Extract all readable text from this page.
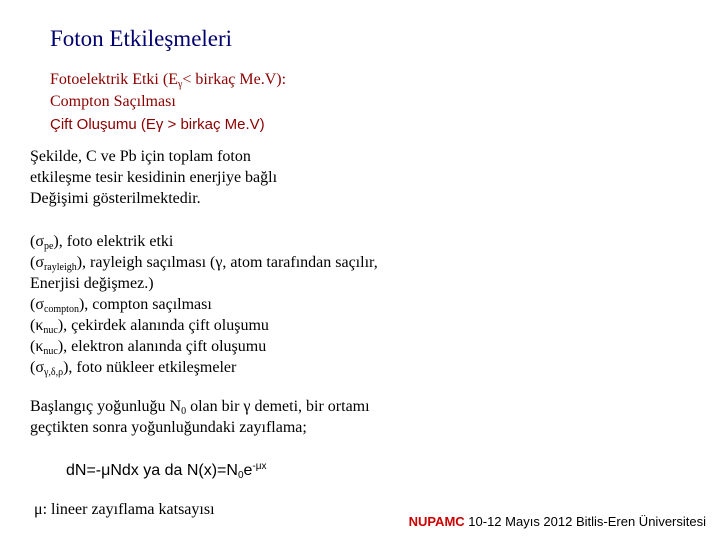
Foton Etkileşmeleri
Fotoelektrik Etki ($E_\gamma<$ birkaç Me.V):
Compton Saçılması
Çift Oluşumu (Eγ > birkaç Me.V)
Şekilde, C ve Pb için toplam foton
etkileşme tesir kesidinin enerjiye bağlı
Değişimi gösterilmektedir.
$(\sigma_{pe})$, foto elektrik etki
$(\sigma_{rayleigh})$, rayleigh saçılması (γ, atom tarafından saçılır,
Enerjisi değişmez.)
$(\sigma_{compton})$, compton saçılması
$(\kappa_{nuc})$, çekirdek alanında çift oluşumu
$(\kappa_{nuc})$, elektron alanında çift oluşumu
$(\sigma_{\gamma,\delta,\rho})$, foto nükleer etkileşmeler
Başlangıç yoğunluğu $N_0$ olan bir γ demeti, bir ortamı
geçtikten sonra yoğunluğundaki zayıflama;
dN=-μNdx ya da $N(x)=N_0e^{-\mu x}$
μ: lineer zayıflama katsayısı
NUPAMC 10-12 Mayıs 2012 Bitlis-Eren Üniversitesi
